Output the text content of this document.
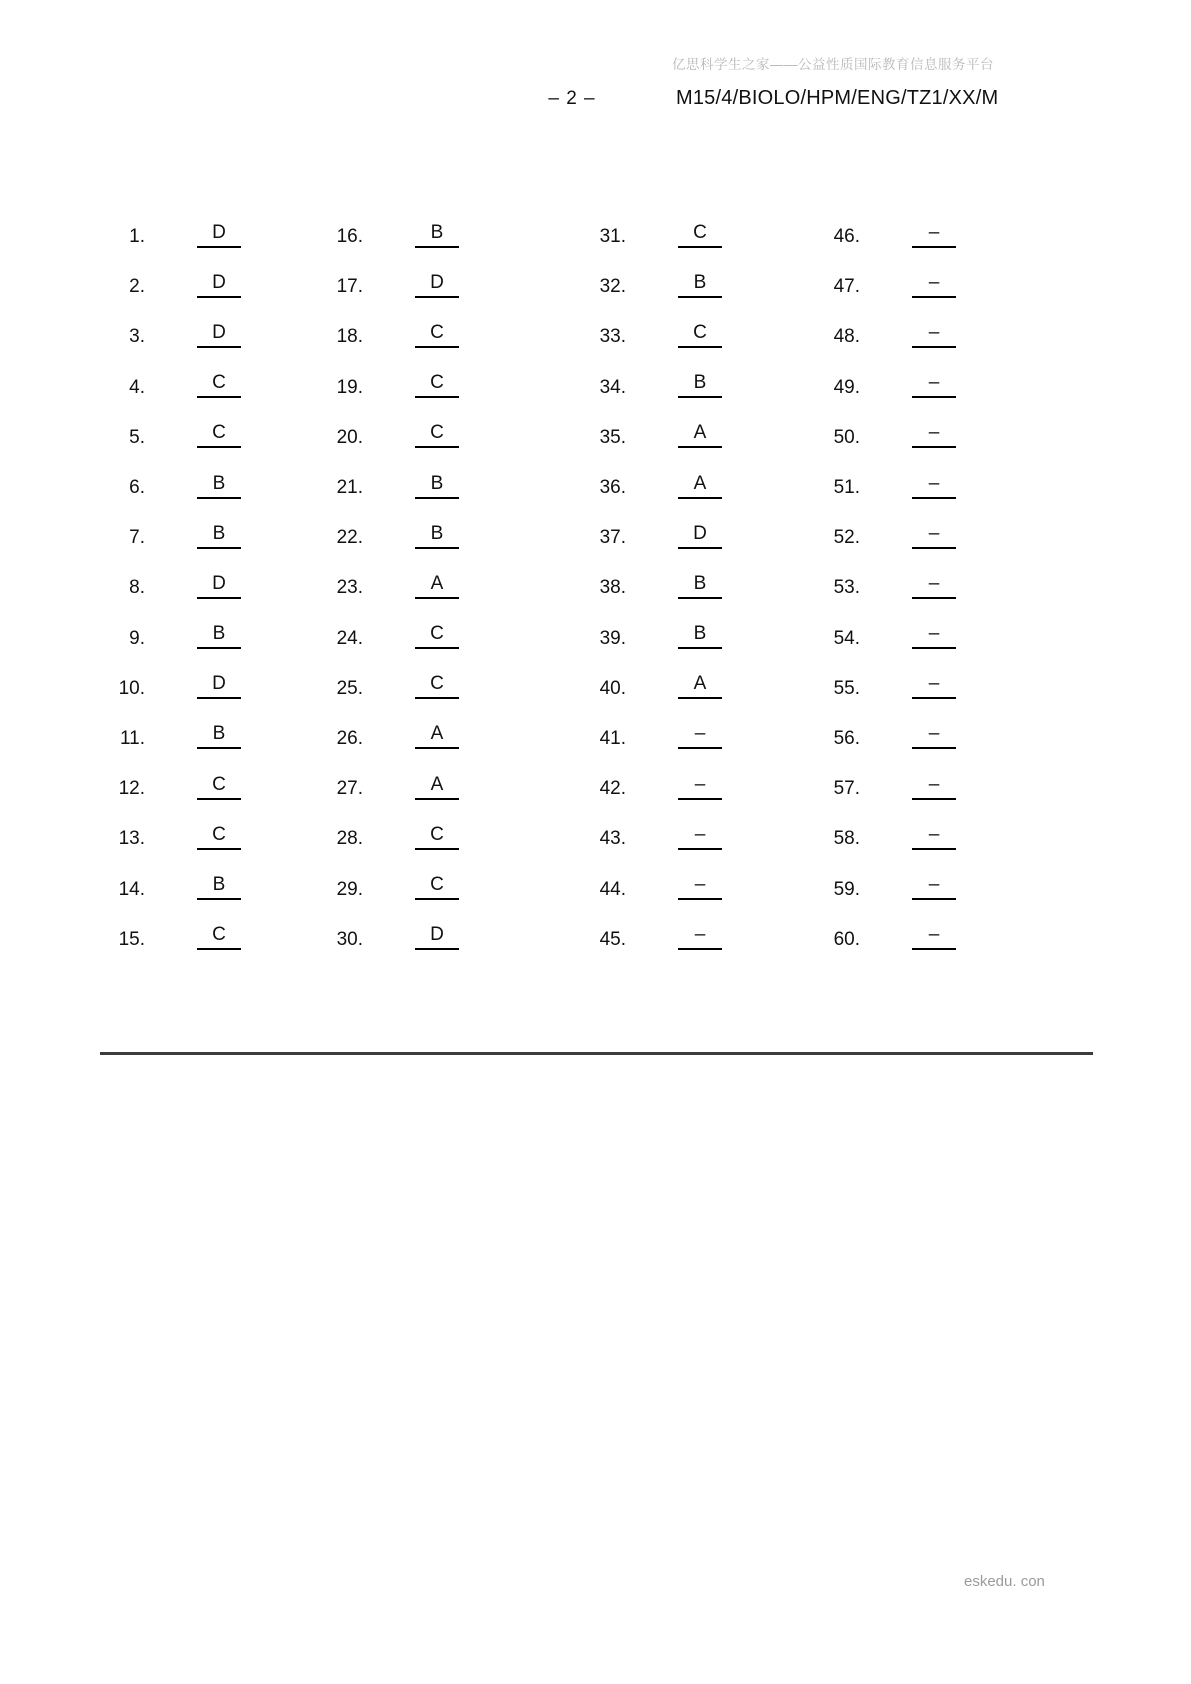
亿思科学生之家——公益性质国际教育信息服务平台
– 2 –	M15/4/BIOLO/HPM/ENG/TZ1/XX/M
1.	D
2.	D
3.	D
4.	C
5.	C
6.	B
7.	B
8.	D
9.	B
10.	D
11.	B
12.	C
13.	C
14.	B
15.	C
16.	B
17.	D
18.	C
19.	C
20.	C
21.	B
22.	B
23.	A
24.	C
25.	C
26.	A
27.	A
28.	C
29.	C
30.	D
31.	C
32.	B
33.	C
34.	B
35.	A
36.	A
37.	D
38.	B
39.	B
40.	A
41.	–
42.	–
43.	–
44.	–
45.	–
46.	–
47.	–
48.	–
49.	–
50.	–
51.	–
52.	–
53.	–
54.	–
55.	–
56.	–
57.	–
58.	–
59.	–
60.	–
eskedu. con
